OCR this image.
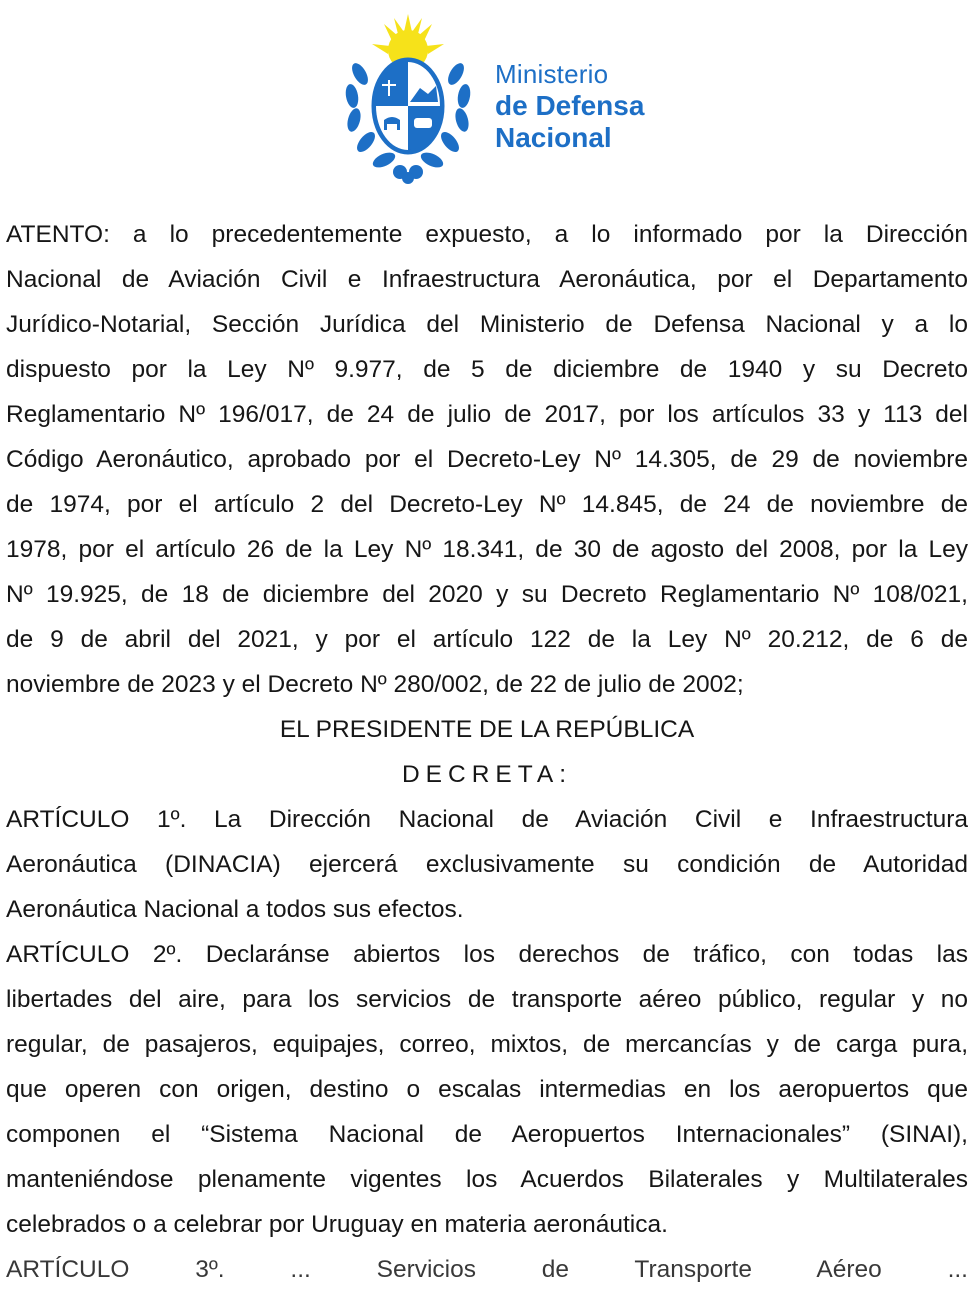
Ministerio
de Defensa
Nacional
ATENTO: a lo precedentemente expuesto, a lo informado por la Dirección
Nacional de Aviación Civil e Infraestructura Aeronáutica, por el Departamento
Jurídico-Notarial, Sección Jurídica del Ministerio de Defensa Nacional y a lo
dispuesto por la Ley Nº 9.977, de 5 de diciembre de 1940 y su Decreto
Reglamentario Nº 196/017, de 24 de julio de 2017, por los artículos 33 y 113 del
Código Aeronáutico, aprobado por el Decreto-Ley Nº 14.305, de 29 de noviembre
de 1974, por el artículo 2 del Decreto-Ley Nº 14.845, de 24 de noviembre de
1978, por el artículo 26 de la Ley Nº 18.341, de 30 de agosto del 2008, por la Ley
Nº 19.925, de 18 de diciembre del 2020 y su Decreto Reglamentario Nº 108/021,
de 9 de abril del 2021, y por el artículo 122 de la Ley Nº 20.212, de 6 de
noviembre de 2023 y el Decreto Nº 280/002, de 22 de julio de 2002;
EL PRESIDENTE DE LA REPÚBLICA
DECRETA:
ARTÍCULO 1º. La Dirección Nacional de Aviación Civil e Infraestructura
Aeronáutica (DINACIA) ejercerá exclusivamente su condición de Autoridad
Aeronáutica Nacional a todos sus efectos.
ARTÍCULO 2º. Declaránse abiertos los derechos de tráfico, con todas las
libertades del aire, para los servicios de transporte aéreo público, regular y no
regular, de pasajeros, equipajes, correo, mixtos, de mercancías y de carga pura,
que operen con origen, destino o escalas intermedias en los aeropuertos que
componen el “Sistema Nacional de Aeropuertos Internacionales” (SINAI),
manteniéndose plenamente vigentes los Acuerdos Bilaterales y Multilaterales
celebrados o a celebrar por Uruguay en materia aeronáutica.
ARTÍCULO 3º. ... Servicios de Transporte Aéreo ...
